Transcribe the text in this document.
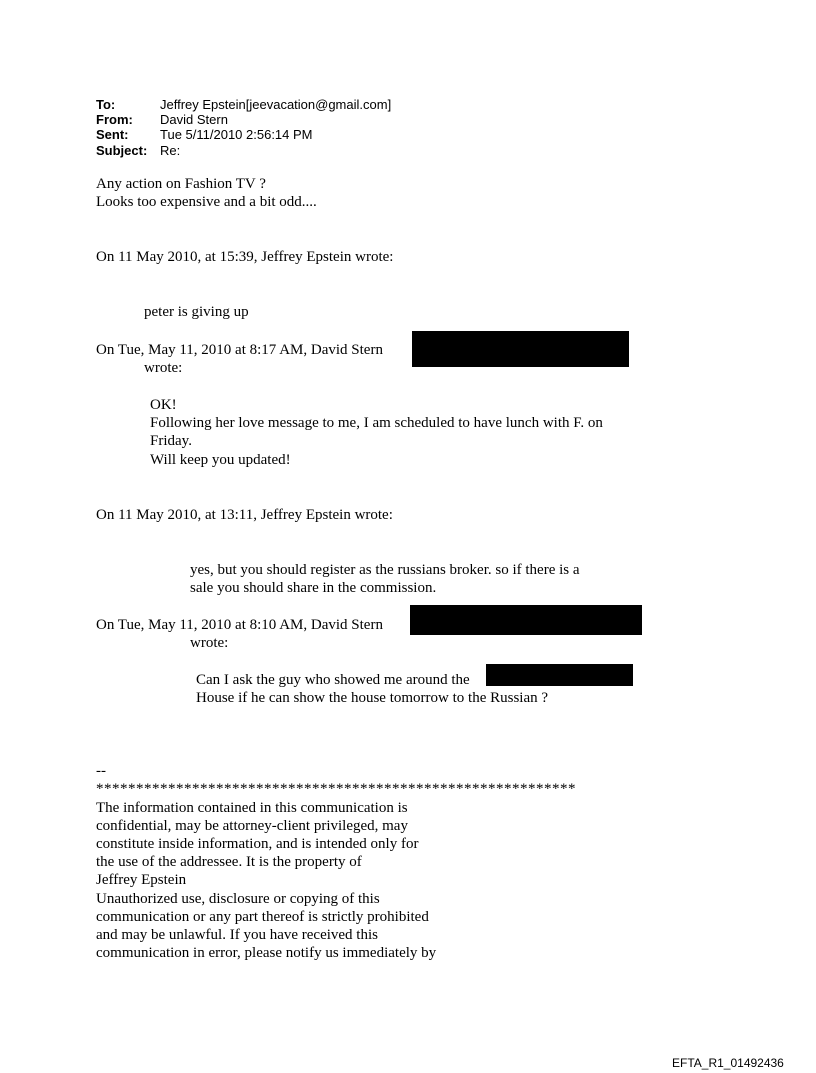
To:	Jeffrey Epstein[jeevacation@gmail.com]
From: David Stern
Sent: Tue 5/11/2010 2:56:14 PM
Subject: Re:
Any action on Fashion TV ?
Looks too expensive and a bit odd....
On 11 May 2010, at 15:39, Jeffrey Epstein wrote:
peter is giving up
On Tue, May 11, 2010 at 8:17 AM, David Stern
wrote:
OK!
Following her love message to me, I am scheduled to have lunch with F. on
Friday.
Will keep you updated!
On 11 May 2010, at 13:11, Jeffrey Epstein wrote:
yes, but you should register as the russians broker. so if there is a
sale you should share in the commission.
On Tue, May 11, 2010 at 8:10 AM, David Stern
wrote:
Can I ask the guy who showed me around the
House if he can show the house tomorrow to the Russian ?
--
************************************************************
The information contained in this communication is
confidential, may be attorney-client privileged, may
constitute inside information, and is intended only for
the use of the addressee. It is the property of
Jeffrey Epstein
Unauthorized use, disclosure or copying of this
communication or any part thereof is strictly prohibited
and may be unlawful. If you have received this
communication in error, please notify us immediately by
EFTA_R1_01492436
